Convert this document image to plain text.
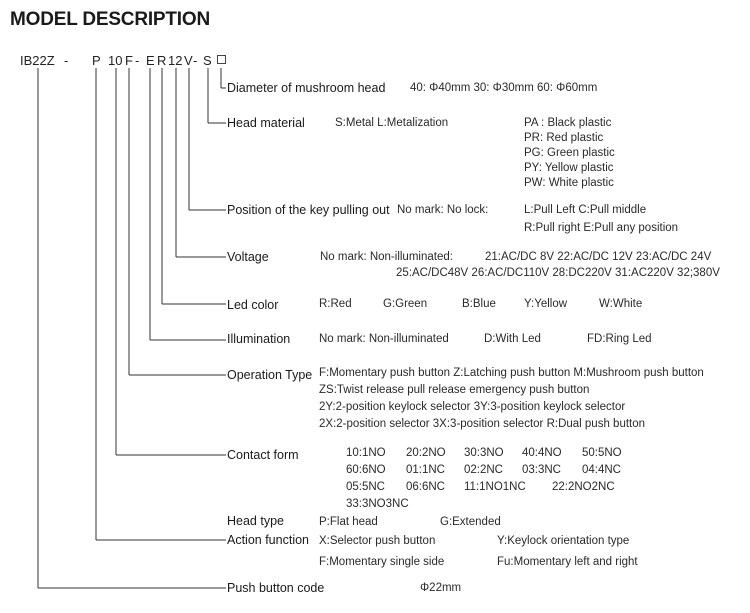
MODEL DESCRIPTION
IB22Z - P 10 F - E R 12 V - S
Diameter of mushroom head 40: Φ40mm 30: Φ30mm 60: Φ60mm
Head material	S:Metal L:Metalization	PA : Black plastic
PR: Red plastic
PG: Green plastic
PY: Yellow plastic
PW: White plastic
Position of the key pulling out No mark: No lock:	L:Pull Left C:Pull middle
R:Pull right E:Pull any position
Voltage	No mark: Non-illuminated:	21:AC/DC 8V 22:AC/DC 12V 23:AC/DC 24V
25:AC/DC48V 26:AC/DC110V 28:DC220V 31:AC220V 32;380V
Led color	R:Red	G:Green	B:Blue Y:Yellow	W:White
Illumination	No mark: Non-illuminated	D:With Led	FD:Ring Led
Operation Type F:Momentary push button Z:Latching push button M:Mushroom push button
ZS:Twist release pull release emergency push button
2Y:2-position keylock selector 3Y:3-position keylock selector
2X:2-position selector 3X:3-position selector R:Dual push button
Contact form	10:1NO 20:2NO 30:3NO 40:4NO 50:5NO
60:6NO 01:1NC 02:2NC 03:3NC 04:4NC
05:5NC 06:6NC 11:1NO1NC 22:2NO2NC
33:3NO3NC
Head type	P:Flat head	G:Extended
Action function X:Selector push button	Y:Keylock orientation type
F:Momentary single side	Fu:Momentary left and right
Push button code	Φ22mm
